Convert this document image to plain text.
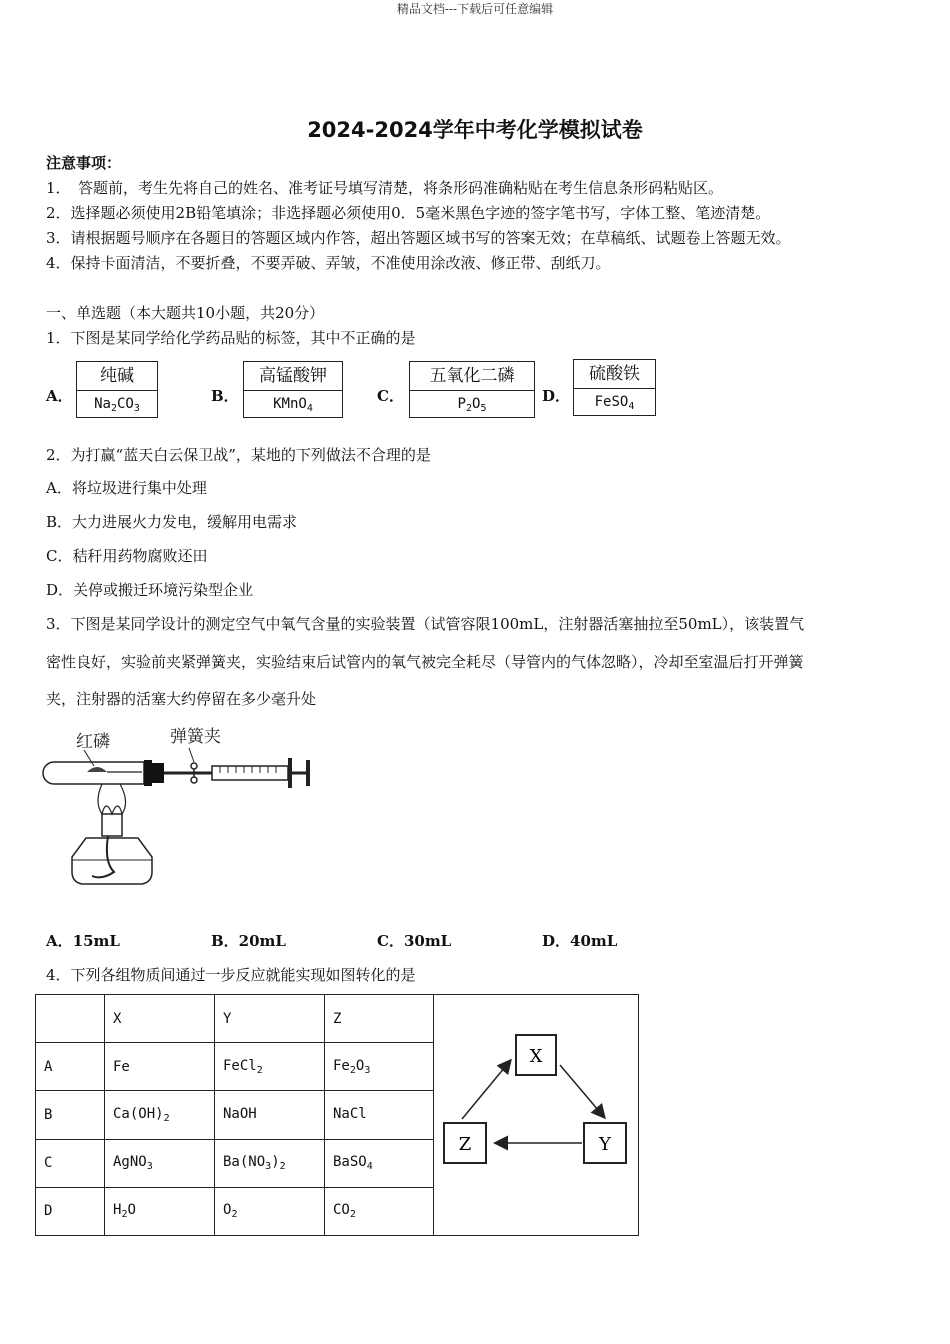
精品文档---下载后可任意编辑
2024-2024学年中考化学模拟试卷
注意事项：
1．　答题前，考生先将自己的姓名、准考证号填写清楚，将条形码准确粘贴在考生信息条形码粘贴区。
2．选择题必须使用2B铅笔填涂；非选择题必须使用0．5毫米黑色字迹的签字笔书写，字体工整、笔迹清楚。
3．请根据题号顺序在各题目的答题区域内作答，超出答题区域书写的答案无效；在草稿纸、试题卷上答题无效。
4．保持卡面清洁，不要折叠，不要弄破、弄皱，不准使用涂改液、修正带、刮纸刀。
一、单选题（本大题共10小题，共20分）
1．下图是某同学给化学药品贴的标签，其中不正确的是
A．
纯碱
$Na_2CO_3$
B．
高锰酸钾
KMnO$_4$
C．
五氧化二磷
$P_2O_5$
D．
硫酸铁
FeSO$_4$
2．为打赢“蓝天白云保卫战”，某地的下列做法不合理的是
A．将垃圾进行集中处理
B．大力进展火力发电，缓解用电需求
C．秸秆用药物腐败还田
D．关停或搬迁环境污染型企业
3．下图是某同学设计的测定空气中氧气含量的实验装置（试管容限100mL，注射器活塞抽拉至50mL），该装置气
密性良好，实验前夹紧弹簧夹，实验结束后试管内的氧气被完全耗尽（导管内的气体忽略），冷却至室温后打开弹簧
夹，注射器的活塞大约停留在多少毫升处
红磷	弹簧夹
A．15mL	B．20mL	C．30mL	D．40mL
4．下列各组物质间通过一步反应就能实现如图转化的是
	X	Y	Z	X
Y
Z

A	Fe	FeCl$_2$	$Fe_2O_3$
B	$Ca(OH)_2$	NaOH	NaCl	
C	AgNO$_3$	$Ba(NO_3)_2$	BaSO$_4$
D	$H_2O$	$O_2$	$CO_2$
